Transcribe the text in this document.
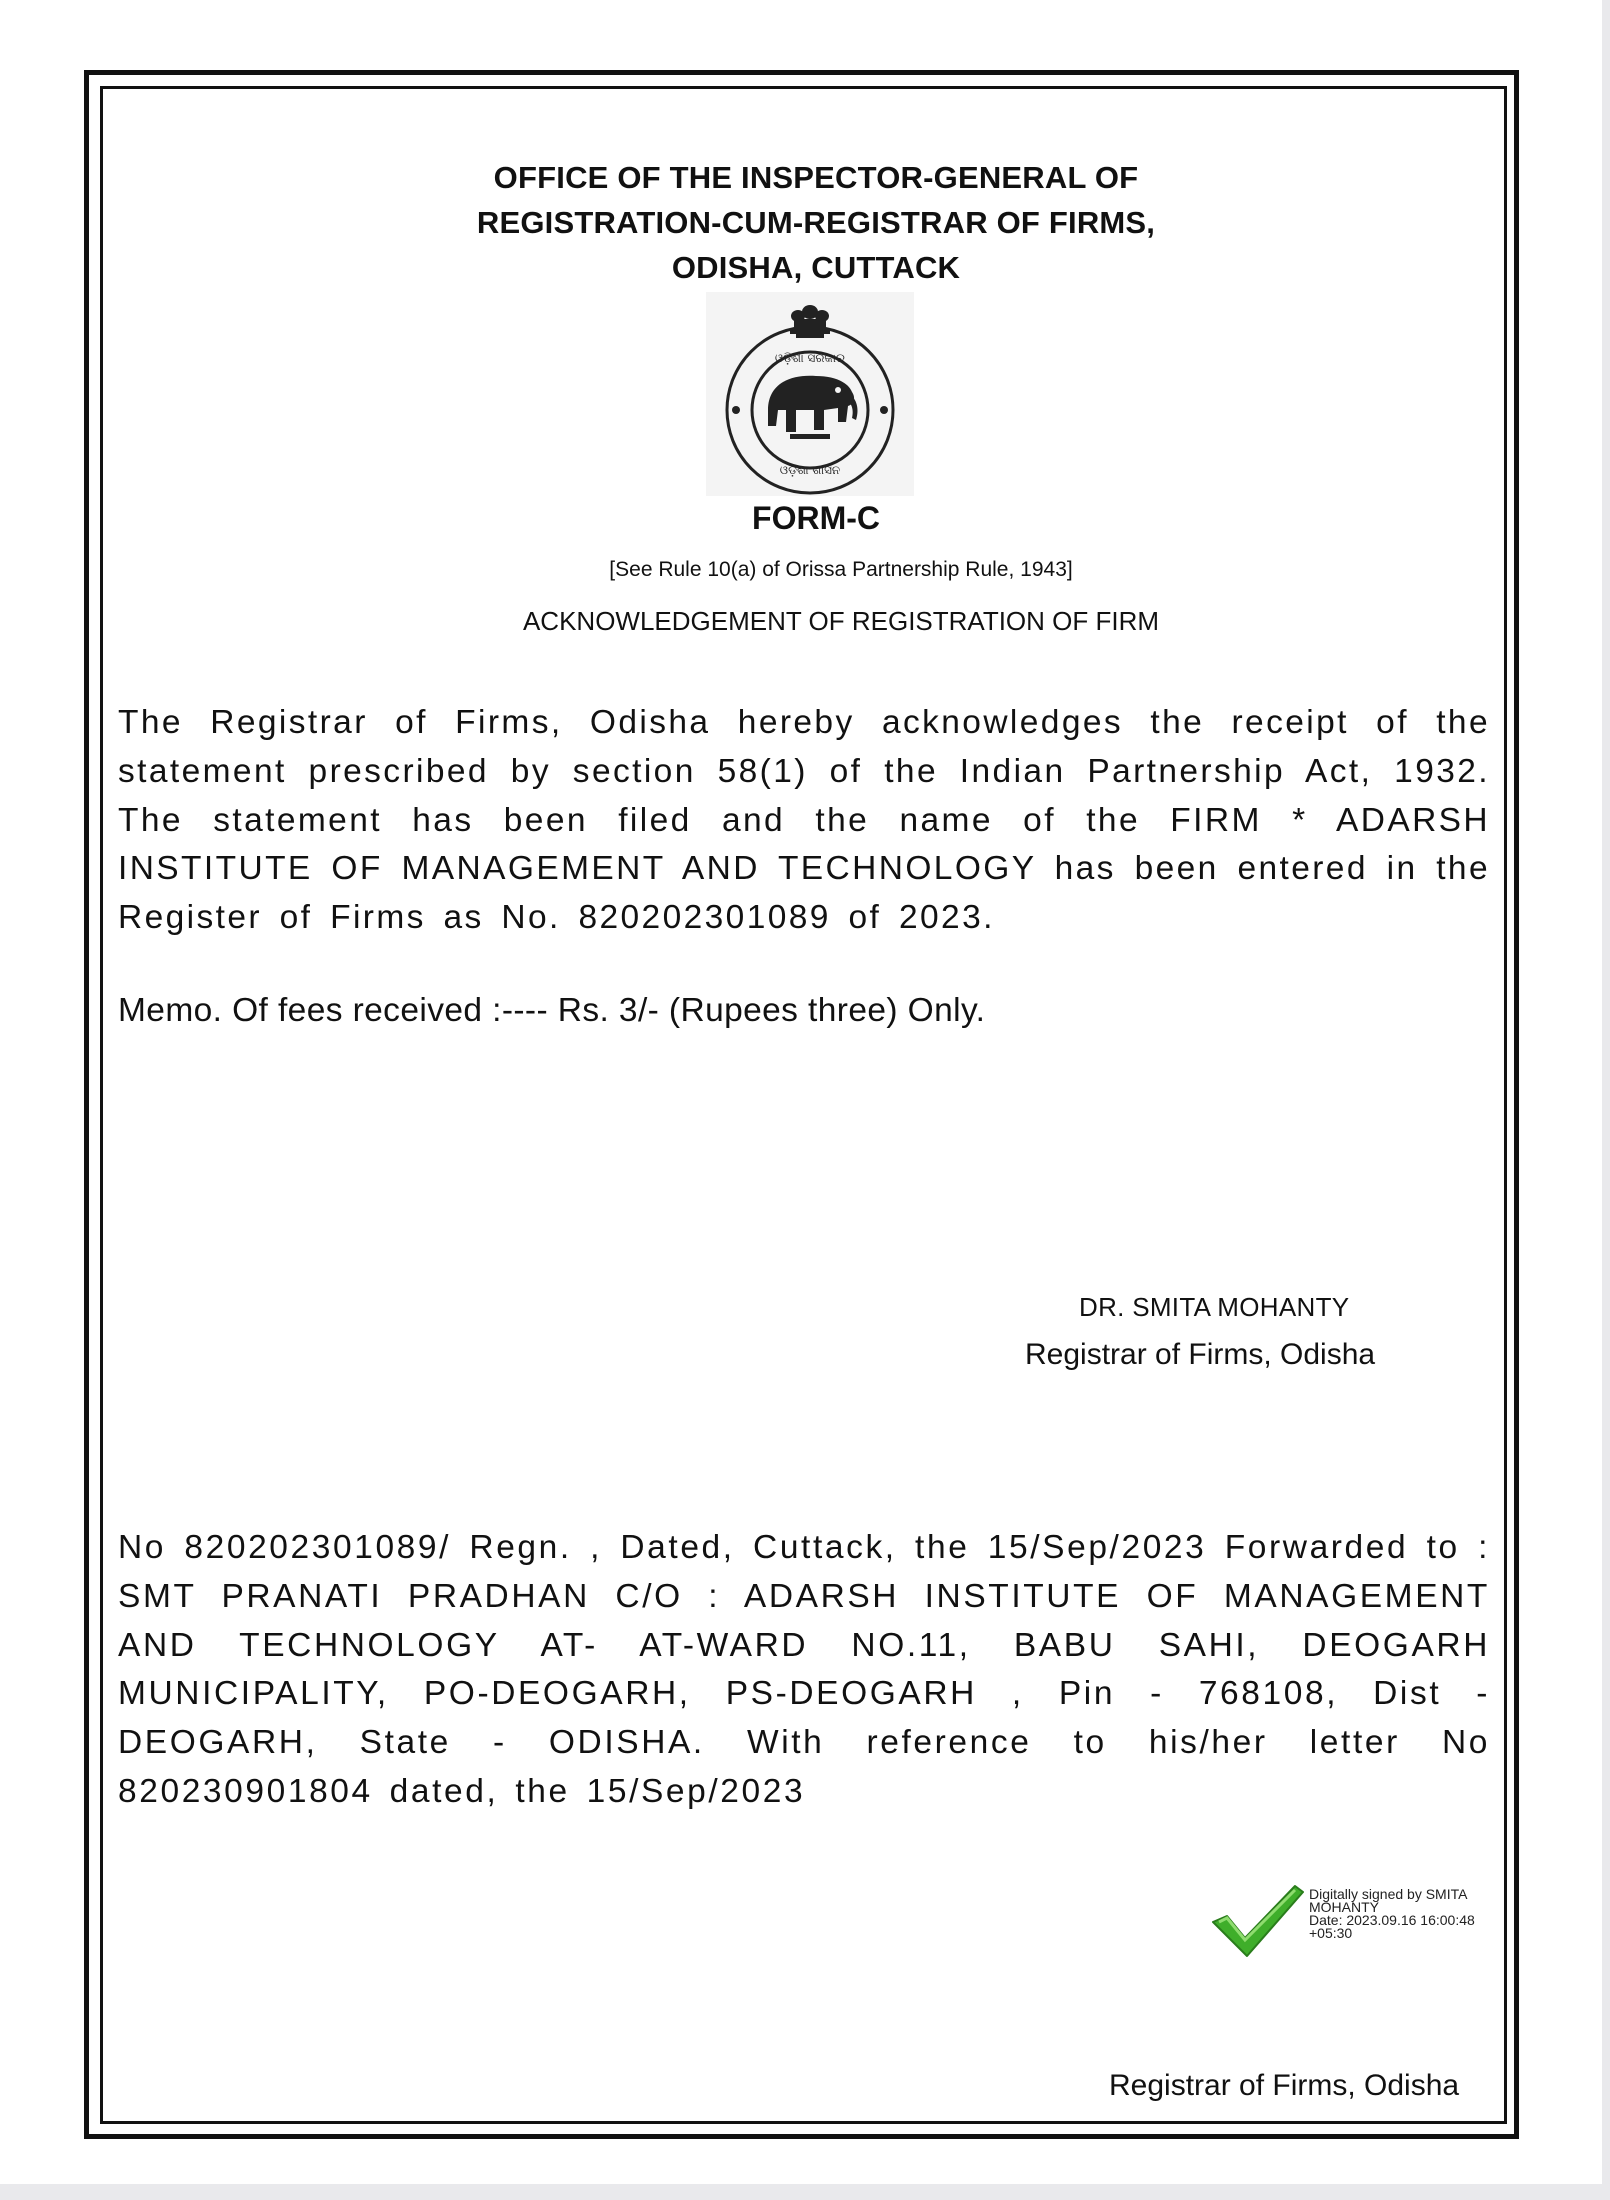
OFFICE OF THE INSPECTOR-GENERAL OF
REGISTRATION-CUM-REGISTRAR OF FIRMS,
ODISHA, CUTTACK
ଓଡ଼ିଶା ସରକାର
ଓଡ଼ିଶା ଶାସନ
FORM-C
[See Rule 10(a) of Orissa Partnership Rule, 1943]
ACKNOWLEDGEMENT OF REGISTRATION OF FIRM
The Registrar of Firms, Odisha hereby acknowledges the receipt of the statement prescribed by section 58(1) of the Indian Partnership Act, 1932. The statement has been filed and the name of the FIRM * ADARSH INSTITUTE OF MANAGEMENT AND TECHNOLOGY has been entered in the Register of Firms as No. 820202301089 of 2023.
Memo. Of fees received :---- Rs. 3/- (Rupees three) Only.
DR. SMITA MOHANTY
Registrar of Firms, Odisha
No 820202301089/ Regn. , Dated, Cuttack, the 15/Sep/2023 Forwarded to : SMT PRANATI PRADHAN C/O : ADARSH INSTITUTE OF MANAGEMENT AND TECHNOLOGY AT- AT-WARD NO.11, BABU SAHI, DEOGARH MUNICIPALITY, PO-DEOGARH, PS-DEOGARH , Pin - 768108, Dist - DEOGARH, State - ODISHA. With reference to his/her letter No 820230901804 dated, the 15/Sep/2023
Digitally signed by SMITA
MOHANTY
Date: 2023.09.16 16:00:48
+05:30
Registrar of Firms, Odisha
